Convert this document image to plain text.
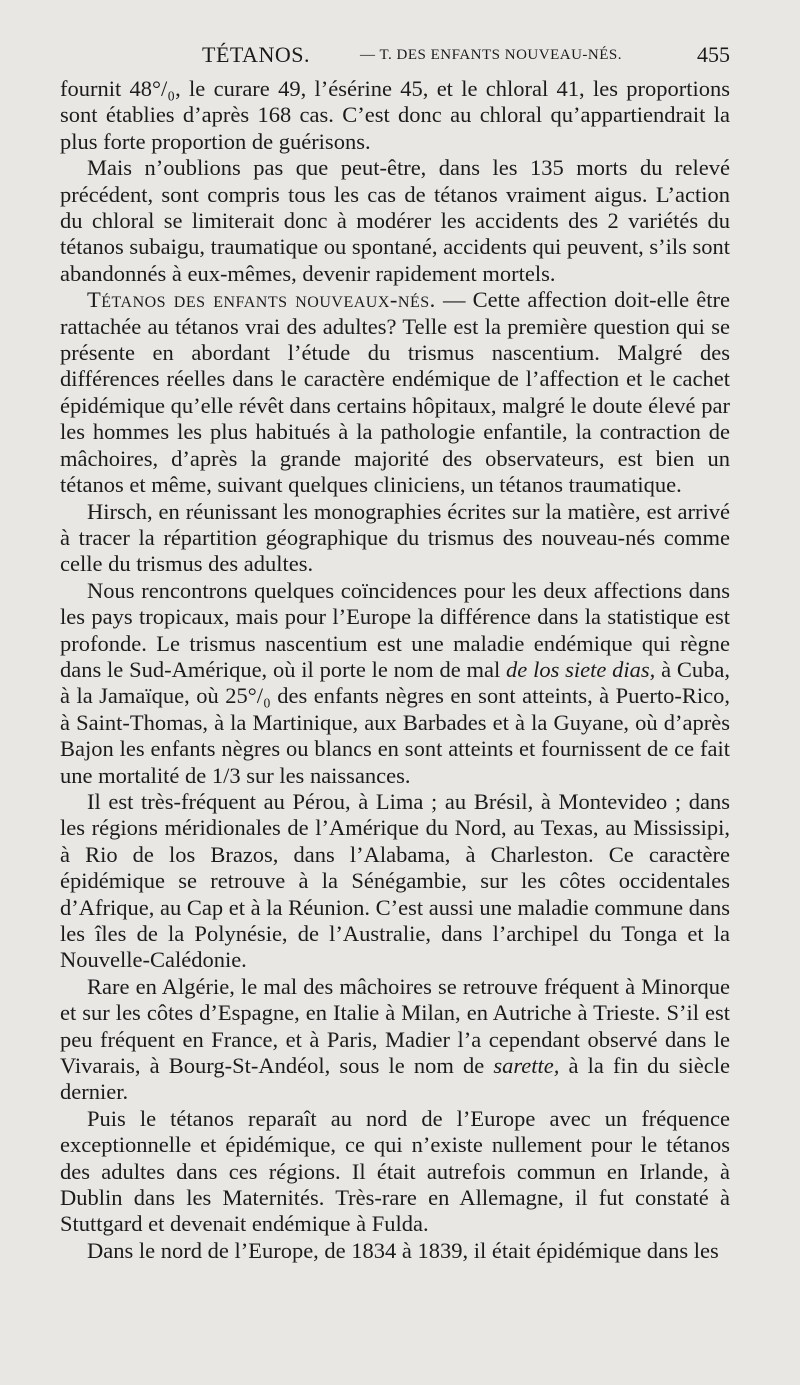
TÉTANOS.	— T. DES ENFANTS NOUVEAU-NÉS.	455

fournit 48°/₀, le curare 49, l’ésérine 45, et le chloral 41, les proportions sont établies d’après 168 cas. C’est donc au chloral qu’appartiendrait la plus forte proportion de guérisons.

Mais n’oublions pas que peut-être, dans les 135 morts du relevé précédent, sont compris tous les cas de tétanos vraiment aigus. L’action du chloral se limiterait donc à modérer les accidents des 2 variétés du tétanos subaigu, traumatique ou spontané, accidents qui peuvent, s’ils sont abandonnés à eux-mêmes, devenir rapidement mortels.

Tétanos des enfants nouveaux-nés. — Cette affection doit-elle être rattachée au tétanos vrai des adultes? Telle est la première question qui se présente en abordant l’étude du trismus nascentium. Malgré des différences réelles dans le caractère endémique de l’affection et le cachet épidémique qu’elle révêt dans certains hôpitaux, malgré le doute élevé par les hommes les plus habitués à la pathologie enfantile, la contraction de mâchoires, d’après la grande majorité des observateurs, est bien un tétanos et même, suivant quelques cliniciens, un tétanos traumatique.

Hirsch, en réunissant les monographies écrites sur la matière, est arrivé à tracer la répartition géographique du trismus des nouveau-nés comme celle du trismus des adultes.

Nous rencontrons quelques coïncidences pour les deux affections dans les pays tropicaux, mais pour l’Europe la différence dans la statistique est profonde. Le trismus nascentium est une maladie endémique qui règne dans le Sud-Amérique, où il porte le nom de mal de los siete dias, à Cuba, à la Jamaïque, où 25°/₀ des enfants nègres en sont atteints, à Puerto-Rico, à Saint-Thomas, à la Martinique, aux Barbades et à la Guyane, où d’après Bajon les enfants nègres ou blancs en sont atteints et fournissent de ce fait une mortalité de 1/3 sur les naissances.

Il est très-fréquent au Pérou, à Lima ; au Brésil, à Montevideo ; dans les régions méridionales de l’Amérique du Nord, au Texas, au Mississipi, à Rio de los Brazos, dans l’Alabama, à Charleston. Ce caractère épidémique se retrouve à la Sénégambie, sur les côtes occidentales d’Afrique, au Cap et à la Réunion. C’est aussi une maladie commune dans les îles de la Polynésie, de l’Australie, dans l’archipel du Tonga et la Nouvelle-Calédonie.

Rare en Algérie, le mal des mâchoires se retrouve fréquent à Minorque et sur les côtes d’Espagne, en Italie à Milan, en Autriche à Trieste. S’il est peu fréquent en France, et à Paris, Madier l’a cependant observé dans le Vivarais, à Bourg-St-Andéol, sous le nom de sarette, à la fin du siècle dernier.

Puis le tétanos reparaît au nord de l’Europe avec un fréquence exceptionnelle et épidémique, ce qui n’existe nullement pour le tétanos des adultes dans ces régions. Il était autrefois commun en Irlande, à Dublin dans les Maternités. Très-rare en Allemagne, il fut constaté à Stuttgard et devenait endémique à Fulda.

Dans le nord de l’Europe, de 1834 à 1839, il était épidémique dans les
